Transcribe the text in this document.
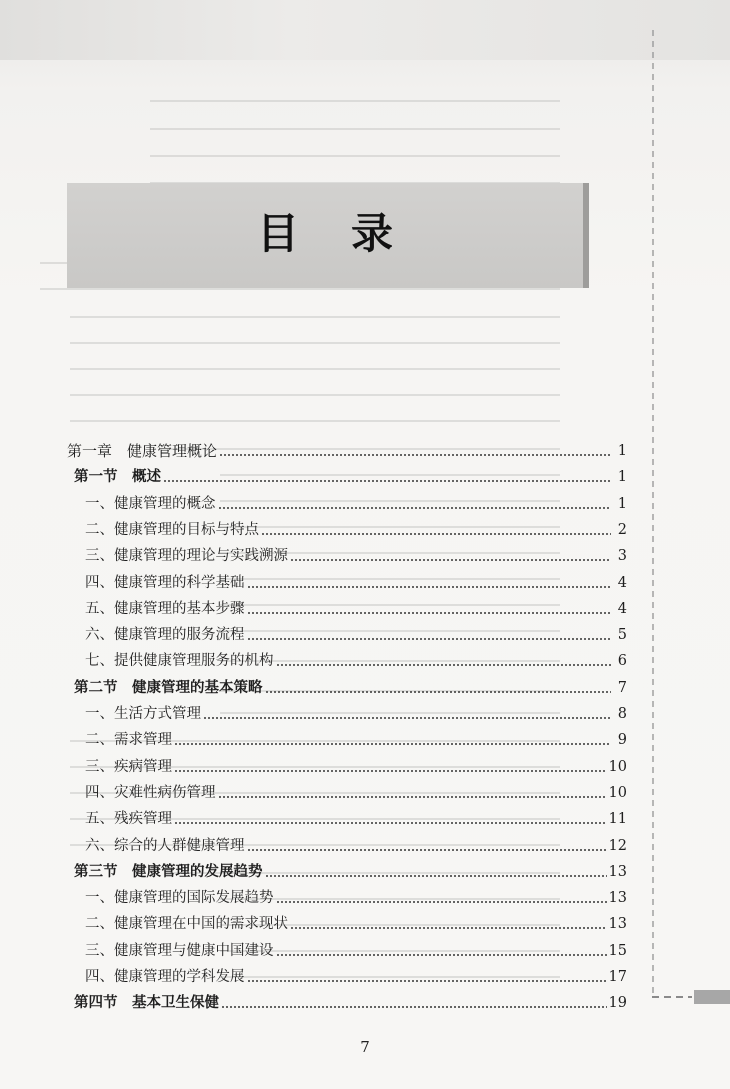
目录
第一章　健康管理概论	1
第一节　概述	1
一、健康管理的概念	1
二、健康管理的目标与特点	2
三、健康管理的理论与实践溯源	3
四、健康管理的科学基础	4
五、健康管理的基本步骤	4
六、健康管理的服务流程	5
七、提供健康管理服务的机构	6
第二节　健康管理的基本策略	7
一、生活方式管理	8
二、需求管理	9
三、疾病管理	10
四、灾难性病伤管理	10
五、残疾管理	11
六、综合的人群健康管理	12
第三节　健康管理的发展趋势	13
一、健康管理的国际发展趋势	13
二、健康管理在中国的需求现状	13
三、健康管理与健康中国建设	15
四、健康管理的学科发展	17
第四节　基本卫生保健	19
7
